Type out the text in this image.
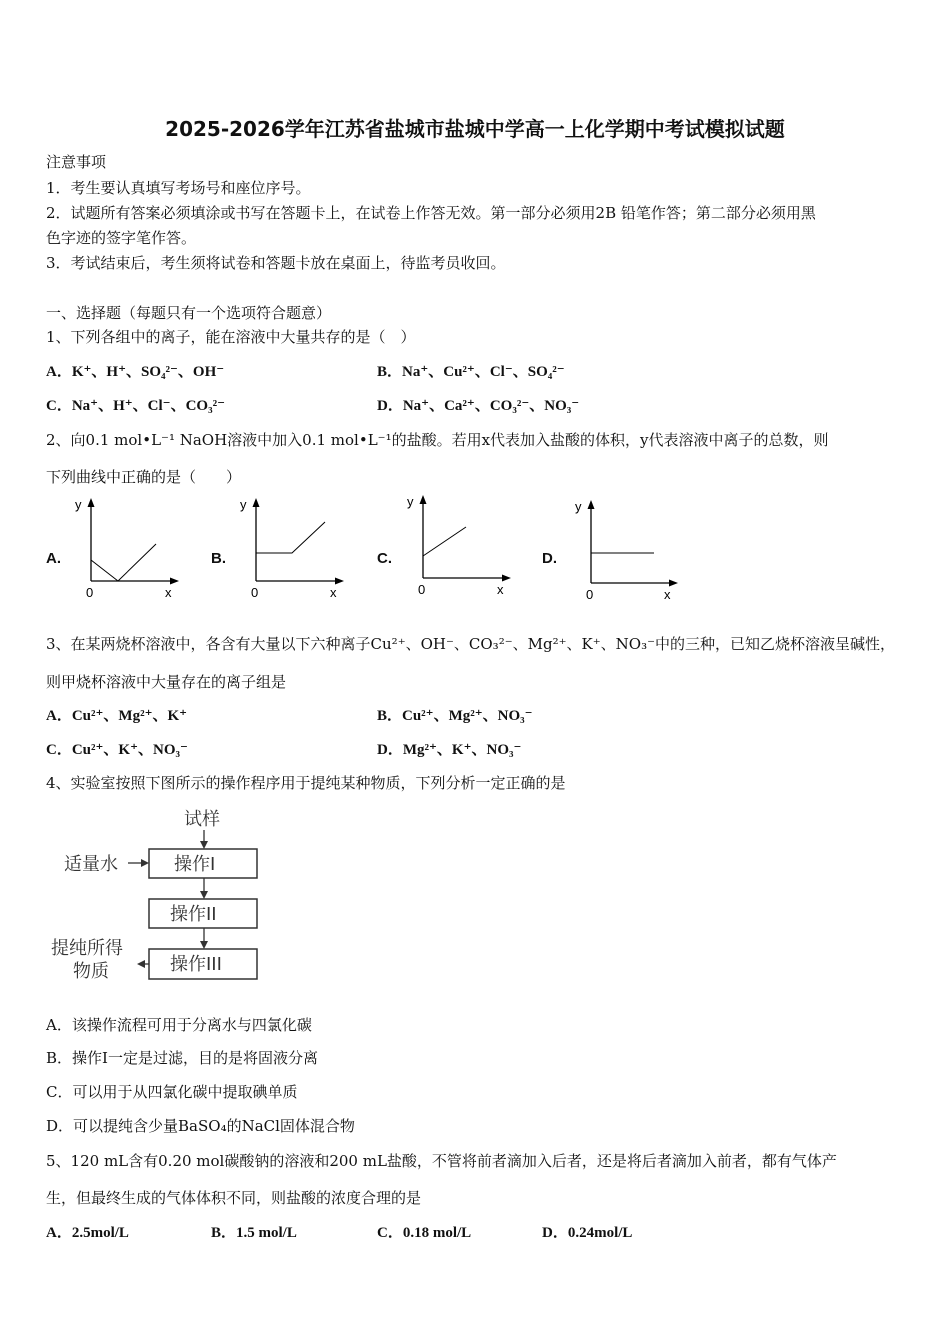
2025-2026学年江苏省盐城市盐城中学高一上化学期中考试模拟试题
注意事项
1．考生要认真填写考场号和座位序号。
2．试题所有答案必须填涂或书写在答题卡上，在试卷上作答无效。第一部分必须用2B 铅笔作答；第二部分必须用黑
色字迹的签字笔作答。
3．考试结束后，考生须将试卷和答题卡放在桌面上，待监考员收回。
一、选择题（每题只有一个选项符合题意）
1、下列各组中的离子，能在溶液中大量共存的是（　）
A．K⁺、H⁺、SO₄²⁻、OH⁻	B．Na⁺、Cu²⁺、Cl⁻、SO₄²⁻
C．Na⁺、H⁺、Cl⁻、CO₃²⁻	D．Na⁺、Ca²⁺、CO₃²⁻、NO₃⁻
2、向0.1 mol•L⁻¹ NaOH溶液中加入0.1 mol•L⁻¹的盐酸。若用x代表加入盐酸的体积，y代表溶液中离子的总数，则
下列曲线中正确的是（　　）
A.	B.	C.	D.
y
0	x
y
0	x
y
0	x
y
0	x
3、在某两烧杯溶液中，各含有大量以下六种离子Cu²⁺、OH⁻、CO₃²⁻、Mg²⁺、K⁺、NO₃⁻中的三种，已知乙烧杯溶液呈碱性，
则甲烧杯溶液中大量存在的离子组是
A．Cu²⁺、Mg²⁺、K⁺	B．Cu²⁺、Mg²⁺、NO₃⁻
C．Cu²⁺、K⁺、NO₃⁻	D．Mg²⁺、K⁺、NO₃⁻
4、实验室按照下图所示的操作程序用于提纯某种物质，下列分析一定正确的是
试样
操作I
适量水
操作II
操作III
提纯所得
物质
A．该操作流程可用于分离水与四氯化碳
B．操作I一定是过滤，目的是将固液分离
C．可以用于从四氯化碳中提取碘单质
D．可以提纯含少量BaSO₄的NaCl固体混合物
5、120 mL含有0.20 mol碳酸钠的溶液和200 mL盐酸，不管将前者滴加入后者，还是将后者滴加入前者，都有气体产
生，但最终生成的气体体积不同，则盐酸的浓度合理的是
A．2.5mol/L	B．1.5 mol/L	C．0.18 mol/L	D．0.24mol/L
